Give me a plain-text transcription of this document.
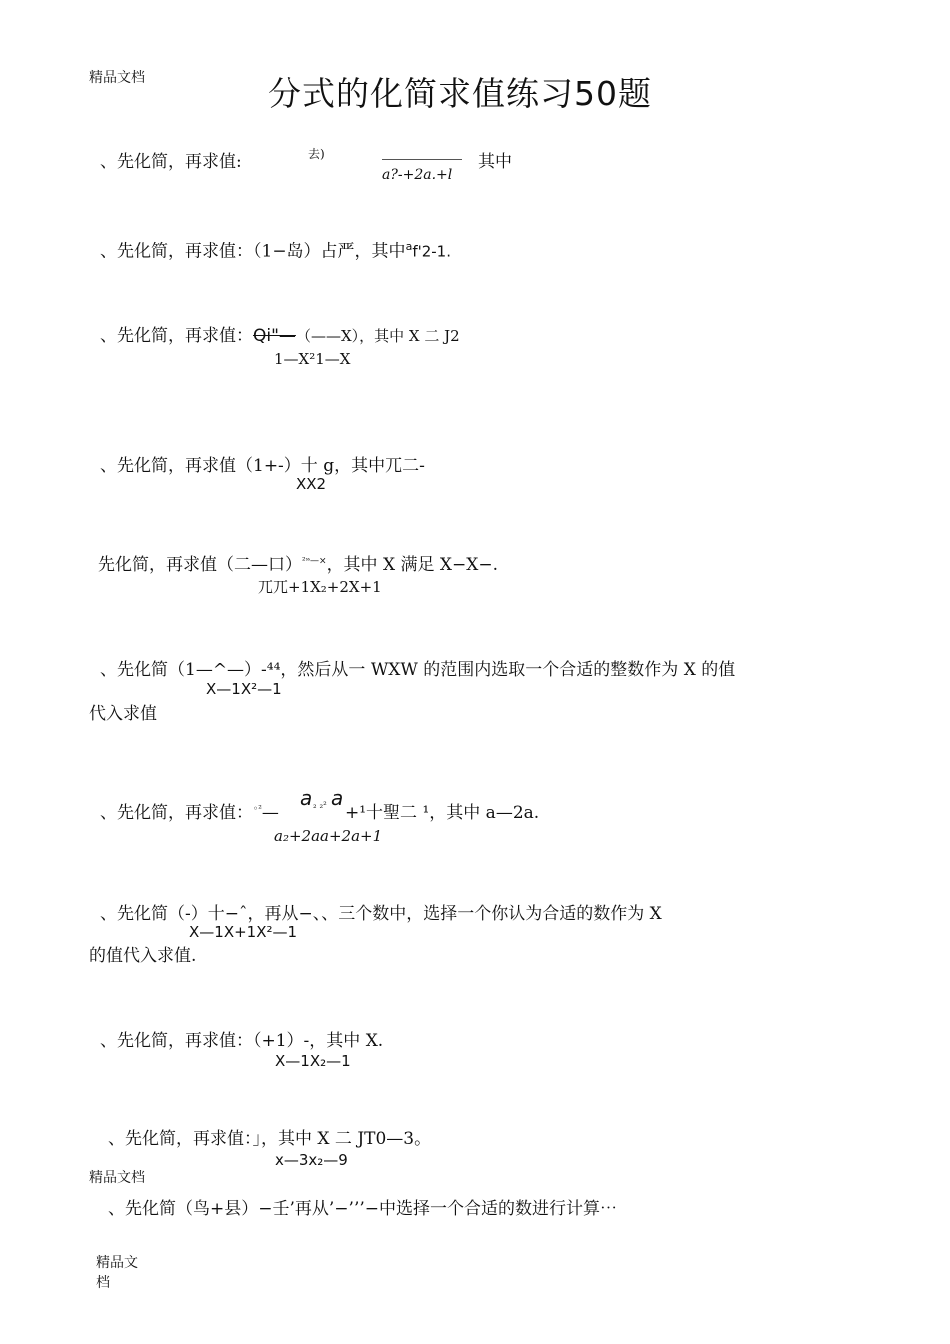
精品文档	分式的化简求值练习50题
、先化简，再求值:	去)
a?-+2a.+l
其中
、先化简，再求值：（1−岛）占严，其中$^a$f'2-1.
、先化简，再求值：Qi"—（——X），其中 X 二 J2
1—X²1—X
、先化简，再求值（1+-）十 g，其中兀二-
XX2
先化简，再求值（二—口）$^{^2ײ—\times}$，其中 X 满足 X−X−.
兀兀+1X₂+2X+1
、先化简（1—^—）-⁴⁴，然后从一 WXW 的范围内选取一个合适的整数作为 X 的值
X—1X²—1
代入求值
、先化简，再求值：$^{◦^2}$—
a ₂ ₂² a
+¹十聖二 ¹，其中 a—2a.
a₂+2aa+2a+1
、先化简（-）十−ˆ，再从−、、三个数中，选择一个你认为合适的数作为 X
X—1X+1X²—1
的值代入求值.
、先化简，再求值：（+1）-，其中 X.
X—1X₂—1
、先化简，再求值：」，其中 X 二 JT0—3。
x—3x₂—9
精品文档
、先化简（鸟+县）−壬’再从’−’’’−中选择一个合适的数进行计算⋯
精品文
档
